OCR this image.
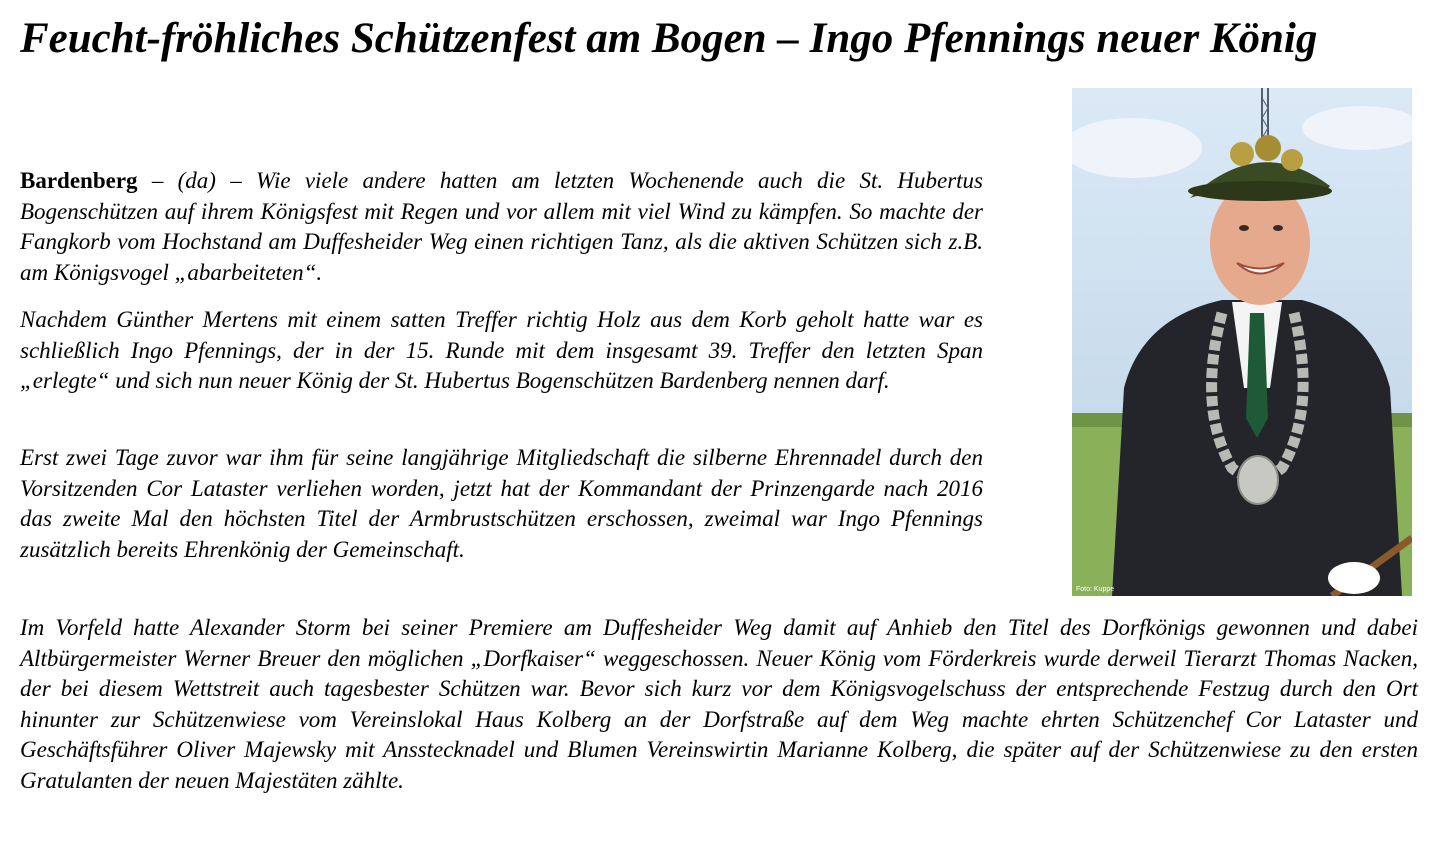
Feucht-fröhliches Schützenfest am Bogen – Ingo Pfennings neuer König
Foto: Kuppe

Bardenberg – (da) – Wie viele andere hatten am letzten Wochenende auch die St. Hubertus Bogenschützen auf ihrem Königsfest mit Regen und vor allem mit viel Wind zu kämpfen. So machte der Fangkorb vom Hochstand am Duffesheider Weg einen richtigen Tanz, als die aktiven Schützen sich z.B. am Königsvogel „abarbeiteten“.

Nachdem Günther Mertens mit einem satten Treffer richtig Holz aus dem Korb geholt hatte war es schließlich Ingo Pfennings, der in der 15. Runde mit dem insgesamt 39. Treffer den letzten Span „erlegte“ und sich nun neuer König der St. Hubertus Bogenschützen Bardenberg nennen darf.

Erst zwei Tage zuvor war ihm für seine langjährige Mitgliedschaft die silberne Ehrennadel durch den Vorsitzenden Cor Lataster verliehen worden, jetzt hat der Kommandant der Prinzengarde nach 2016 das zweite Mal den höchsten Titel der Armbrustschützen erschossen, zweimal war Ingo Pfennings zusätzlich bereits Ehrenkönig der Gemeinschaft.

Im Vorfeld hatte Alexander Storm bei seiner Premiere am Duffesheider Weg damit auf Anhieb den Titel des Dorfkönigs gewonnen und dabei Altbürgermeister Werner Breuer den möglichen „Dorfkaiser“ weggeschossen. Neuer König vom Förderkreis wurde derweil Tierarzt Thomas Nacken, der bei diesem Wettstreit auch tagesbester Schützen war. Bevor sich kurz vor dem Königsvogelschuss der entsprechende Festzug durch den Ort hinunter zur Schützenwiese vom Vereinslokal Haus Kolberg an der Dorfstraße auf dem Weg machte ehrten Schützenchef Cor Lataster und Geschäftsführer Oliver Majewsky mit Ansstecknadel und Blumen Vereinswirtin Marianne Kolberg, die später auf der Schützenwiese zu den ersten Gratulanten der neuen Majestäten zählte.
